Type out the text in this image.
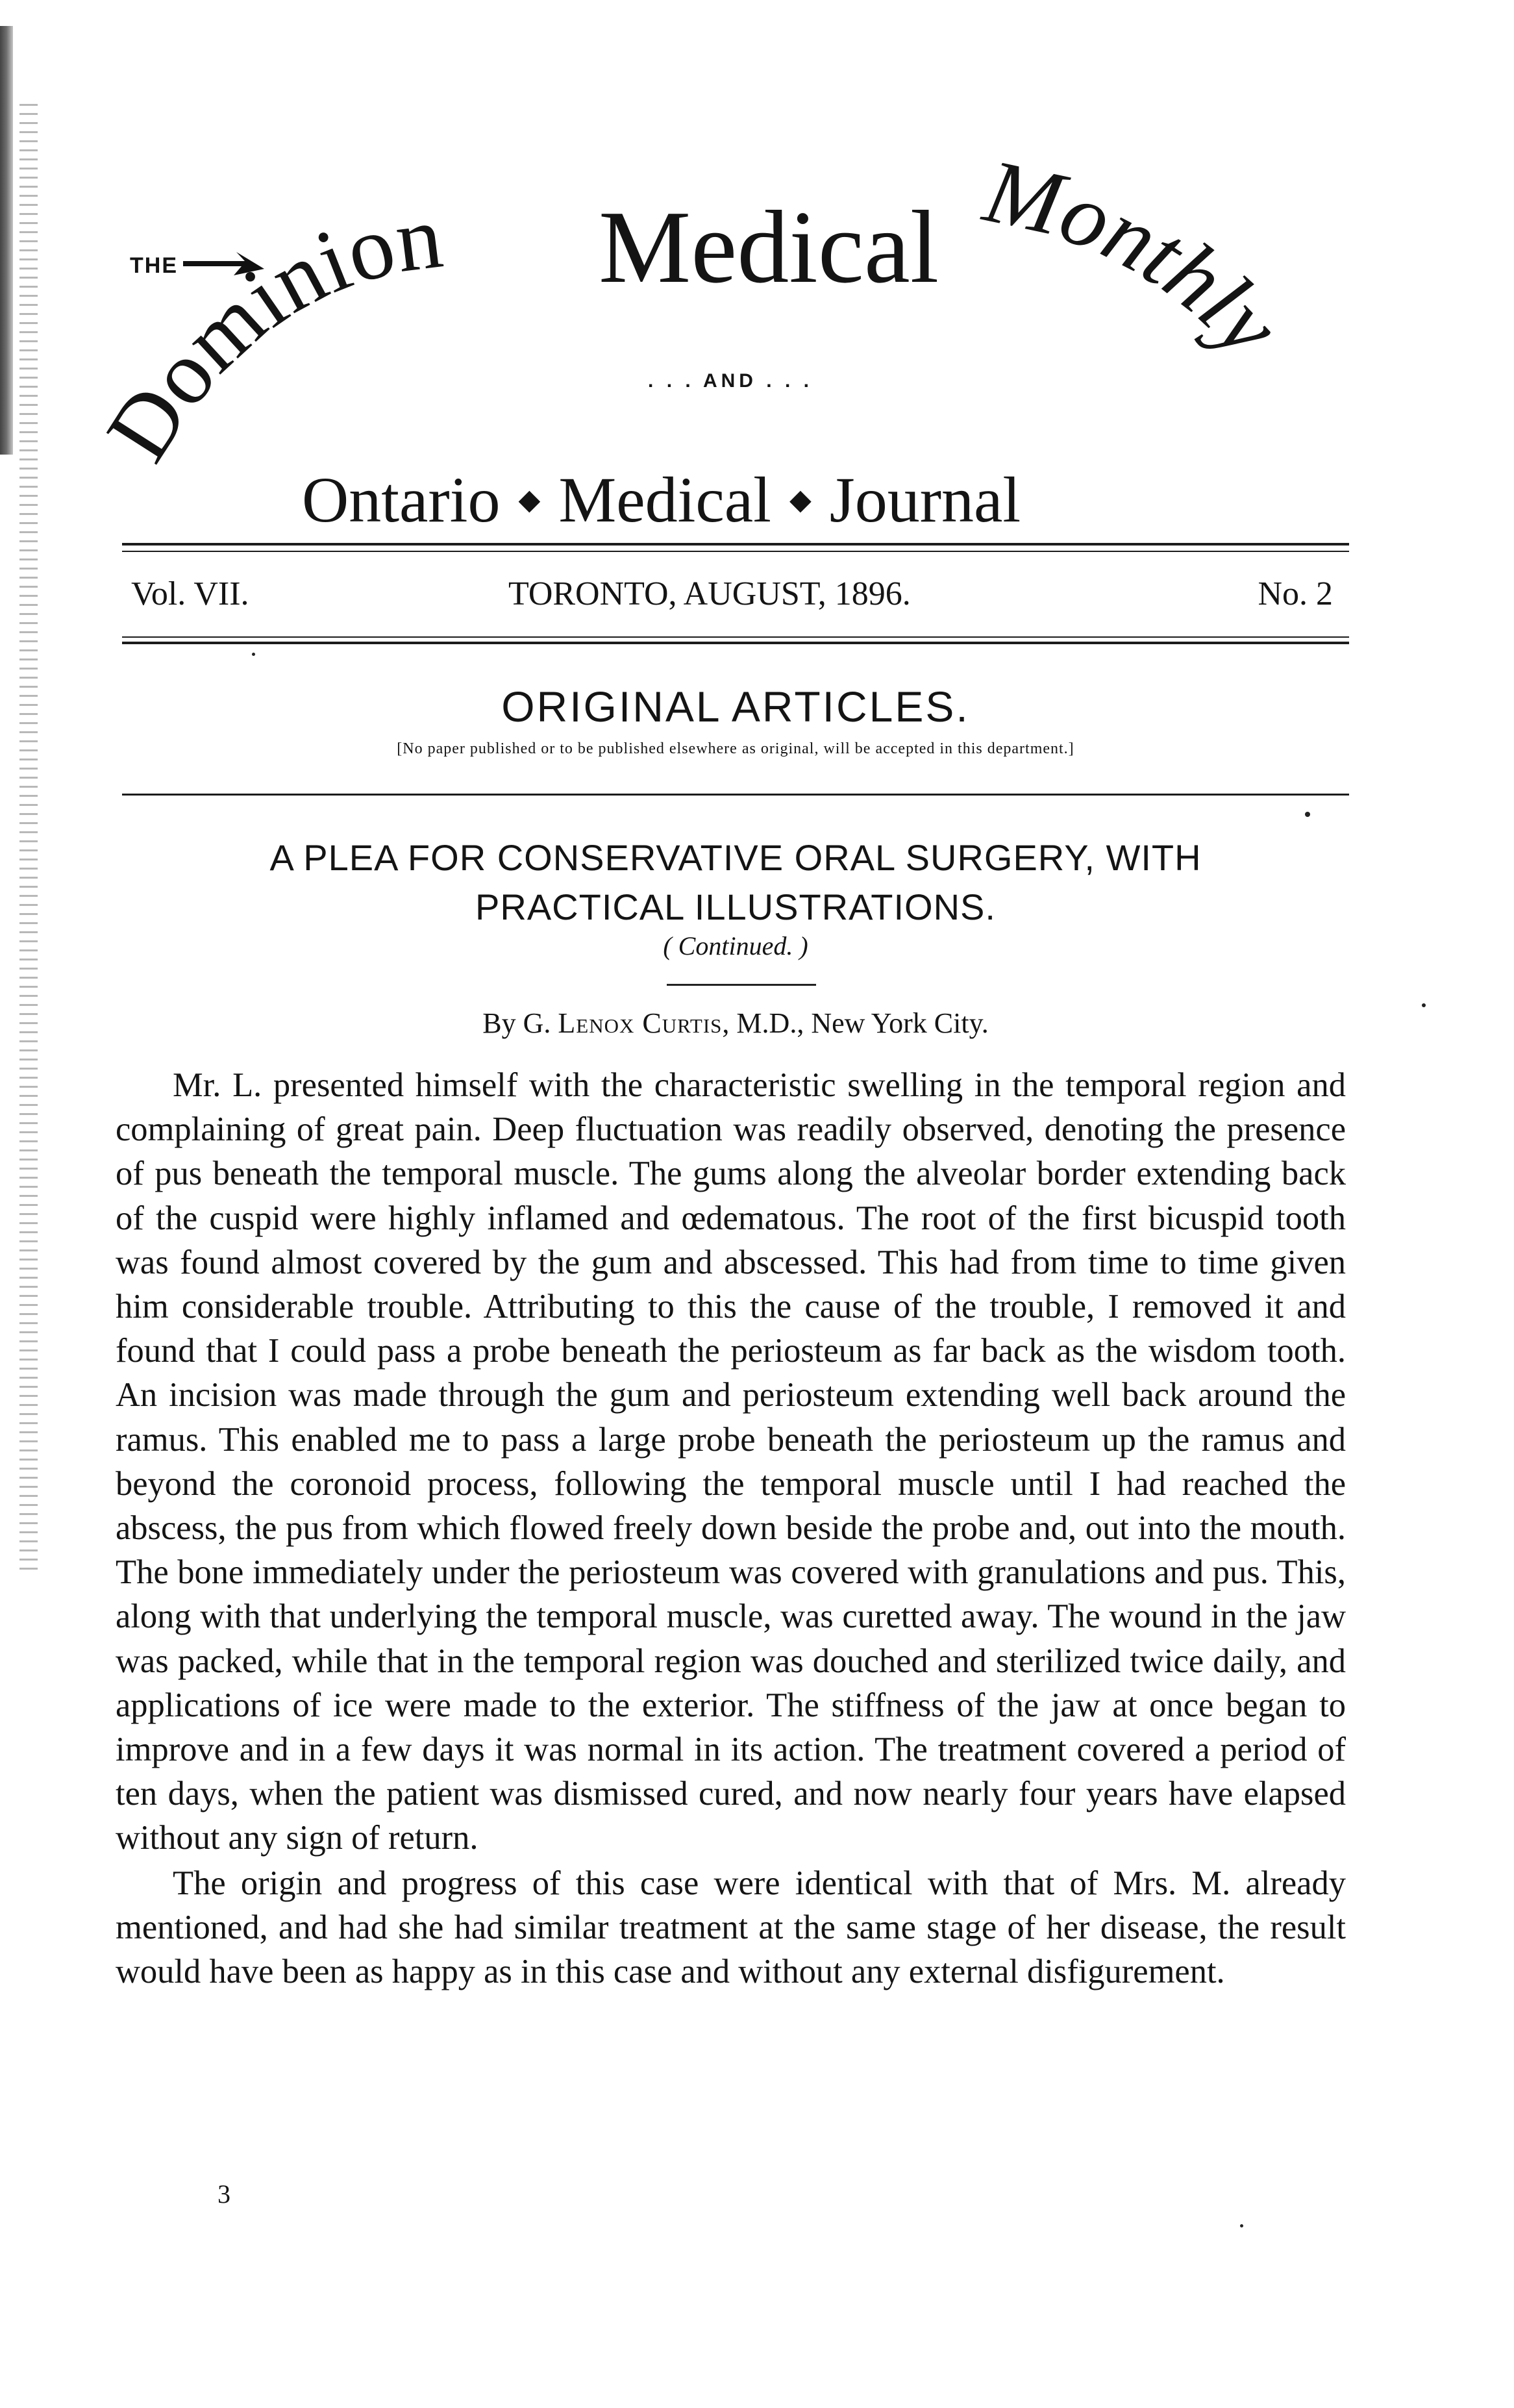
THE
Dominion	Monthly
Medical
. . . AND . . .
Ontario ◆ Medical ◆ Journal
Vol. VII.	TORONTO, AUGUST, 1896.	No. 2
ORIGINAL ARTICLES.
[No paper published or to be published elsewhere as original, will be accepted in this department.]
A PLEA FOR CONSERVATIVE ORAL SURGERY, WITH
PRACTICAL ILLUSTRATIONS.
( Continued. )
By G. Lenox Curtis, M.D., New York City.

Mr. L. presented himself with the characteristic swelling in the temporal region and complaining of great pain. Deep fluctuation was readily observed, denoting the presence of pus beneath the temporal muscle. The gums along the alveolar border extending back of the cuspid were highly inflamed and œdematous. The root of the first bicuspid tooth was found almost covered by the gum and abscessed. This had from time to time given him considerable trouble. Attributing to this the cause of the trouble, I removed it and found that I could pass a probe beneath the periosteum as far back as the wisdom tooth. An incision was made through the gum and periosteum extending well back around the ramus. This enabled me to pass a large probe beneath the periosteum up the ramus and beyond the coronoid process, following the temporal muscle until I had reached the abscess, the pus from which flowed freely down beside the probe and, out into the mouth. The bone immediately under the periosteum was covered with granulations and pus. This, along with that underlying the temporal muscle, was curetted away. The wound in the jaw was packed, while that in the temporal region was douched and sterilized twice daily, and applications of ice were made to the exterior. The stiffness of the jaw at once began to improve and in a few days it was normal in its action. The treatment covered a period of ten days, when the patient was dismissed cured, and now nearly four years have elapsed without any sign of return.

The origin and progress of this case were identical with that of Mrs. M. already mentioned, and had she had similar treatment at the same stage of her disease, the result would have been as happy as in this case and without any external disfigurement.

3
